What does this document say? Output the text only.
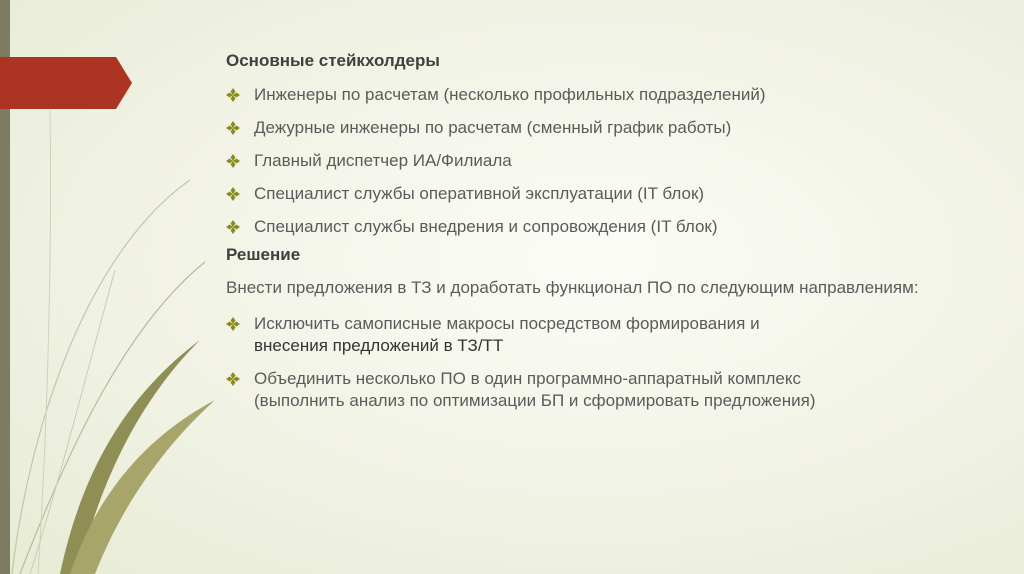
Основные стейкхолдеры

Инженеры по расчетам (несколько профильных подразделений)
Дежурные инженеры по расчетам (сменный график работы)
Главный диспетчер ИА/Филиала
Специалист службы оперативной эксплуатации (IT блок)
Специалист службы внедрения и сопровождения (IT блок)

Решение

Внести предложения в ТЗ и доработать функционал ПО по следующим направлениям:

Исключить самописные макросы посредством формирования и
внесения предложений в ТЗ/ТТ
Объединить несколько ПО в один программно-аппаратный комплекс
(выполнить анализ по оптимизации БП и сформировать предложения)
